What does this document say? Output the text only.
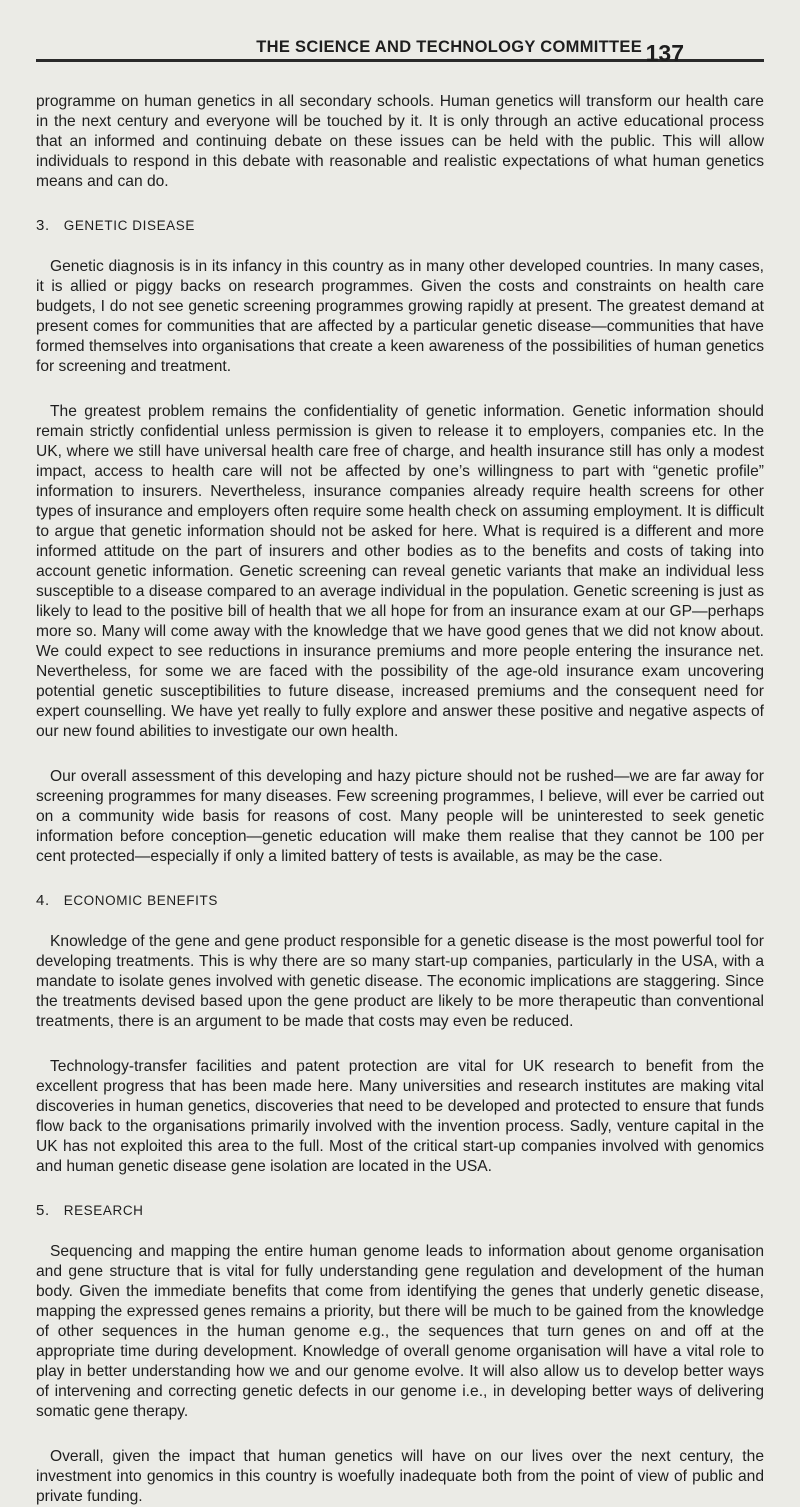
THE SCIENCE AND TECHNOLOGY COMMITTEE 137

programme on human genetics in all secondary schools. Human genetics will transform our health care in the next century and everyone will be touched by it. It is only through an active educational process that an informed and continuing debate on these issues can be held with the public. This will allow individuals to respond in this debate with reasonable and realistic expectations of what human genetics means and can do.

3. GENETIC DISEASE

Genetic diagnosis is in its infancy in this country as in many other developed countries. In many cases, it is allied or piggy backs on research programmes. Given the costs and constraints on health care budgets, I do not see genetic screening programmes growing rapidly at present. The greatest demand at present comes for communities that are affected by a particular genetic disease—communities that have formed themselves into organisations that create a keen awareness of the possibilities of human genetics for screening and treatment.

The greatest problem remains the confidentiality of genetic information. Genetic information should remain strictly confidential unless permission is given to release it to employers, companies etc. In the UK, where we still have universal health care free of charge, and health insurance still has only a modest impact, access to health care will not be affected by one’s willingness to part with “genetic profile” information to insurers. Nevertheless, insurance companies already require health screens for other types of insurance and employers often require some health check on assuming employment. It is difficult to argue that genetic information should not be asked for here. What is required is a different and more informed attitude on the part of insurers and other bodies as to the benefits and costs of taking into account genetic information. Genetic screening can reveal genetic variants that make an individual less susceptible to a disease compared to an average individual in the population. Genetic screening is just as likely to lead to the positive bill of health that we all hope for from an insurance exam at our GP—perhaps more so. Many will come away with the knowledge that we have good genes that we did not know about. We could expect to see reductions in insurance premiums and more people entering the insurance net. Nevertheless, for some we are faced with the possibility of the age-old insurance exam uncovering potential genetic susceptibilities to future disease, increased premiums and the consequent need for expert counselling. We have yet really to fully explore and answer these positive and negative aspects of our new found abilities to investigate our own health.

Our overall assessment of this developing and hazy picture should not be rushed—we are far away for screening programmes for many diseases. Few screening programmes, I believe, will ever be carried out on a community wide basis for reasons of cost. Many people will be uninterested to seek genetic information before conception—genetic education will make them realise that they cannot be 100 per cent protected—especially if only a limited battery of tests is available, as may be the case.

4. ECONOMIC BENEFITS

Knowledge of the gene and gene product responsible for a genetic disease is the most powerful tool for developing treatments. This is why there are so many start-up companies, particularly in the USA, with a mandate to isolate genes involved with genetic disease. The economic implications are staggering. Since the treatments devised based upon the gene product are likely to be more therapeutic than conventional treatments, there is an argument to be made that costs may even be reduced.

Technology-transfer facilities and patent protection are vital for UK research to benefit from the excellent progress that has been made here. Many universities and research institutes are making vital discoveries in human genetics, discoveries that need to be developed and protected to ensure that funds flow back to the organisations primarily involved with the invention process. Sadly, venture capital in the UK has not exploited this area to the full. Most of the critical start-up companies involved with genomics and human genetic disease gene isolation are located in the USA.

5. RESEARCH

Sequencing and mapping the entire human genome leads to information about genome organisation and gene structure that is vital for fully understanding gene regulation and development of the human body. Given the immediate benefits that come from identifying the genes that underly genetic disease, mapping the expressed genes remains a priority, but there will be much to be gained from the knowledge of other sequences in the human genome e.g., the sequences that turn genes on and off at the appropriate time during development. Knowledge of overall genome organisation will have a vital role to play in better understanding how we and our genome evolve. It will also allow us to develop better ways of intervening and correcting genetic defects in our genome i.e., in developing better ways of delivering somatic gene therapy.

Overall, given the impact that human genetics will have on our lives over the next century, the investment into genomics in this country is woefully inadequate both from the point of view of public and private funding.
